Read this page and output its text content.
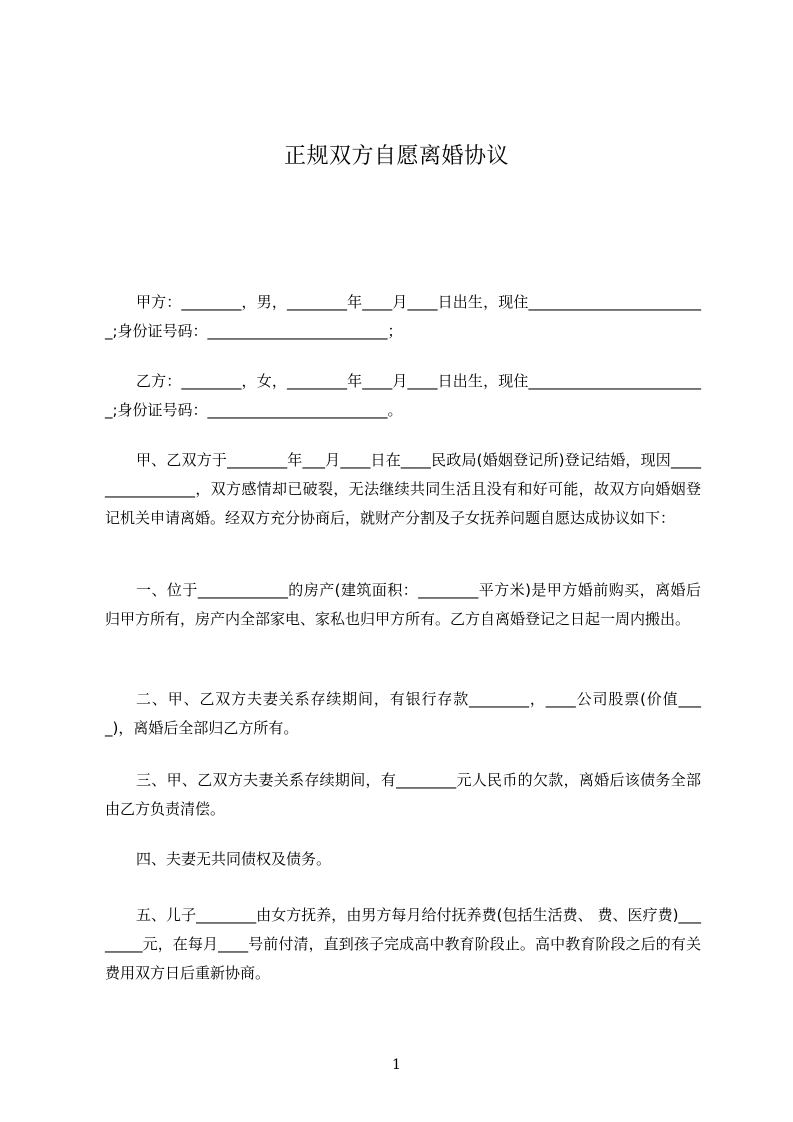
正规双方自愿离婚协议

甲方：________，男，________年____月____日出生，现住________________________;身份证号码：________________________；

乙方：________，女，________年____月____日出生，现住________________________;身份证号码：________________________。

甲、乙双方于________年___月____日在____民政局(婚姻登记所)登记结婚，现因________________，双方感情却已破裂，无法继续共同生活且没有和好可能，故双方向婚姻登记机关申请离婚。经双方充分协商后，就财产分割及子女抚养问题自愿达成协议如下：

一、位于____________的房产(建筑面积：________平方米)是甲方婚前购买，离婚后归甲方所有，房产内全部家电、家私也归甲方所有。乙方自离婚登记之日起一周内搬出。

二、甲、乙双方夫妻关系存续期间，有银行存款________，____公司股票(价值____)，离婚后全部归乙方所有。

三、甲、乙双方夫妻关系存续期间，有________元人民币的欠款，离婚后该债务全部由乙方负责清偿。

四、夫妻无共同债权及债务。

五、儿子________由女方抚养，由男方每月给付抚养费(包括生活费、 费、医疗费)________元，在每月____号前付清，直到孩子完成高中教育阶段止。高中教育阶段之后的有关费用双方日后重新协商。

1
